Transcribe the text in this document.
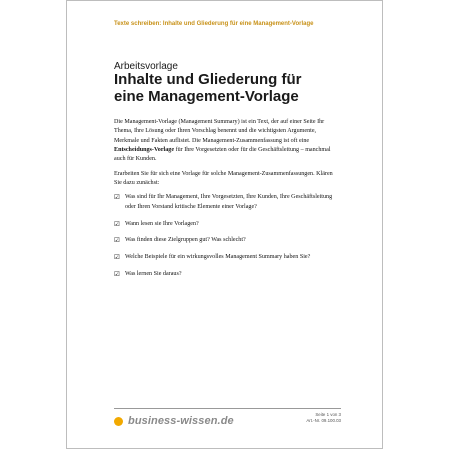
Texte schreiben: Inhalte und Gliederung für eine Management-Vorlage
Arbeitsvorlage
Inhalte und Gliederung für
eine Management-Vorlage

Die Management-Vorlage (Management Summary) ist ein Text, der auf einer Seite Ihr Thema, Ihre Lösung oder Ihren Vorschlag benennt und die wichtigsten Argumente, Merkmale und Fakten auflistet. Die Management-Zusammenfassung ist oft eine Entscheidungs-Vorlage für Ihre Vorgesetzten oder für die Geschäftsleitung – manchmal auch für Kunden.

Erarbeiten Sie für sich eine Vorlage für solche Management-Zusammenfassungen. Klären Sie dazu zunächst:

☑ Was sind für Ihr Management, Ihre Vorgesetzten, Ihre Kunden, Ihre Geschäftsleitung oder Ihren Vorstand kritische Elemente einer Vorlage?
☑ Wann lesen sie Ihre Vorlagen?
☑ Was finden diese Zielgruppen gut? Was schlecht?
☑ Welche Beispiele für ein wirkungsvolles Management Summary haben Sie?
☑ Was lernen Sie daraus?
business-wissen.de
Seite 1 von 3
Art.-Nr. 09.100.03
